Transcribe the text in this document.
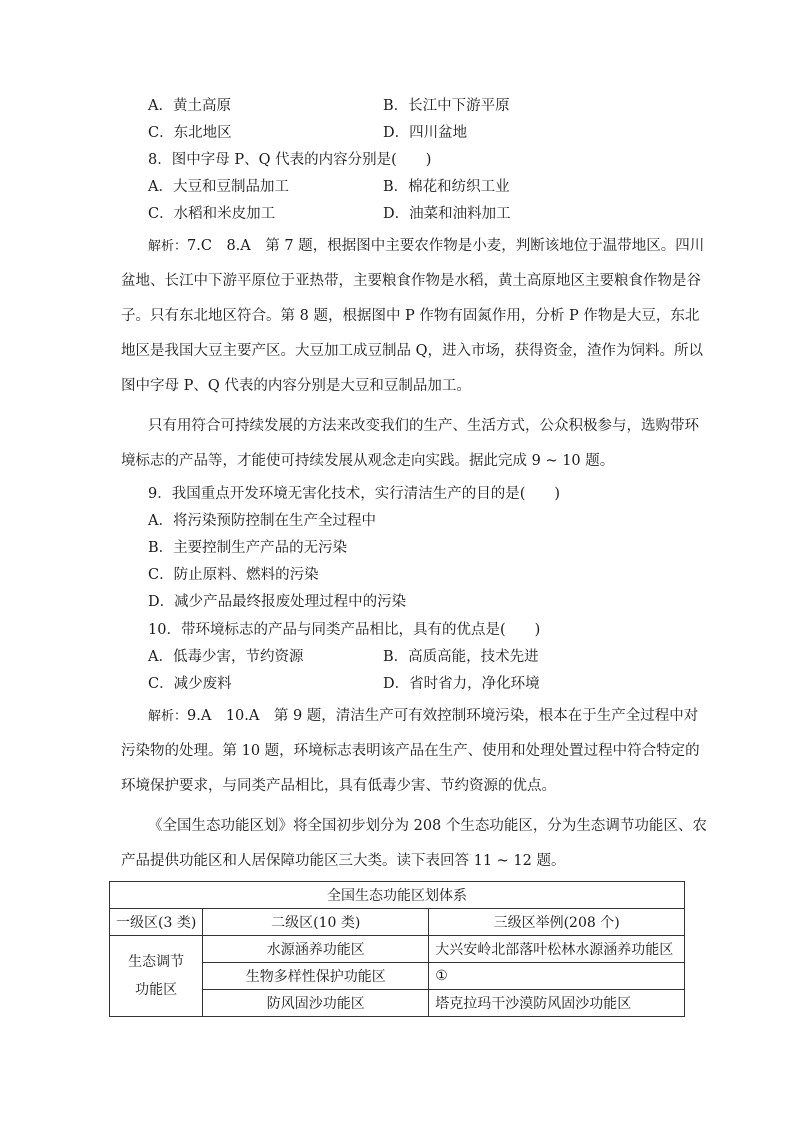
A．黄土高原	B．长江中下游平原
C．东北地区	D．四川盆地
8．图中字母 P、Q 代表的内容分别是(　　)
A．大豆和豆制品加工	B．棉花和纺织工业
C．水稻和米皮加工	D．油菜和油料加工
解析：7.C　8.A　第 7 题，根据图中主要农作物是小麦，判断该地位于温带地区。四川
盆地、长江中下游平原位于亚热带，主要粮食作物是水稻，黄土高原地区主要粮食作物是谷
子。只有东北地区符合。第 8 题，根据图中 P 作物有固氮作用，分析 P 作物是大豆，东北
地区是我国大豆主要产区。大豆加工成豆制品 Q，进入市场，获得资金，渣作为饲料。所以
图中字母 P、Q 代表的内容分别是大豆和豆制品加工。
只有用符合可持续发展的方法来改变我们的生产、生活方式，公众积极参与，选购带环
境标志的产品等，才能使可持续发展从观念走向实践。据此完成 9 ~ 10 题。
9．我国重点开发环境无害化技术，实行清洁生产的目的是(　　)
A．将污染预防控制在生产全过程中
B．主要控制生产产品的无污染
C．防止原料、燃料的污染
D．减少产品最终报废处理过程中的污染
10．带环境标志的产品与同类产品相比，具有的优点是(　　)
A．低毒少害，节约资源	B．高质高能，技术先进
C．减少废料	D．省时省力，净化环境
解析：9.A　10.A　第 9 题，清洁生产可有效控制环境污染，根本在于生产全过程中对
污染物的处理。第 10 题，环境标志表明该产品在生产、使用和处理处置过程中符合特定的
环境保护要求，与同类产品相比，具有低毒少害、节约资源的优点。
《全国生态功能区划》将全国初步划分为 208 个生态功能区，分为生态调节功能区、农
产品提供功能区和人居保障功能区三大类。读下表回答 11 ~ 12 题。
全国生态功能区划体系		
一级区(3 类)	二级区(10 类)	三级区举例(208 个)
生态调节功能区	水源涵养功能区	大兴安岭北部落叶松林水源涵养功能区
	生物多样性保护功能区	①
	防风固沙功能区	塔克拉玛干沙漠防风固沙功能区
